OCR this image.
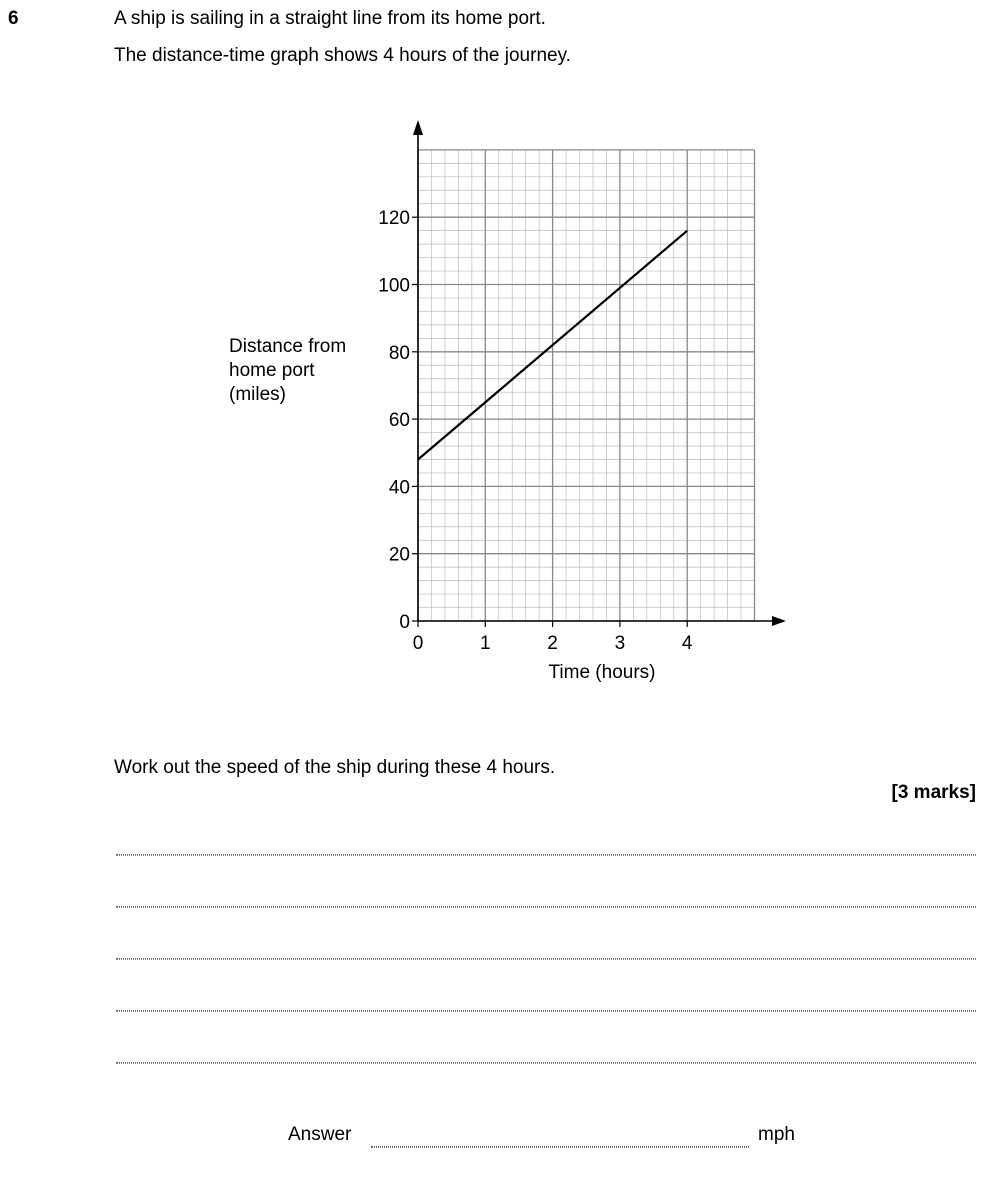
6	A ship is sailing in a straight line from its home port.
The distance-time graph shows 4 hours of the journey.
Distance from
home port
(miles)
0
20
40
60
80
100
120
0	1	2	3	4
Time (hours)
Work out the speed of the ship during these 4 hours.
[3 marks]
Answer	mph
